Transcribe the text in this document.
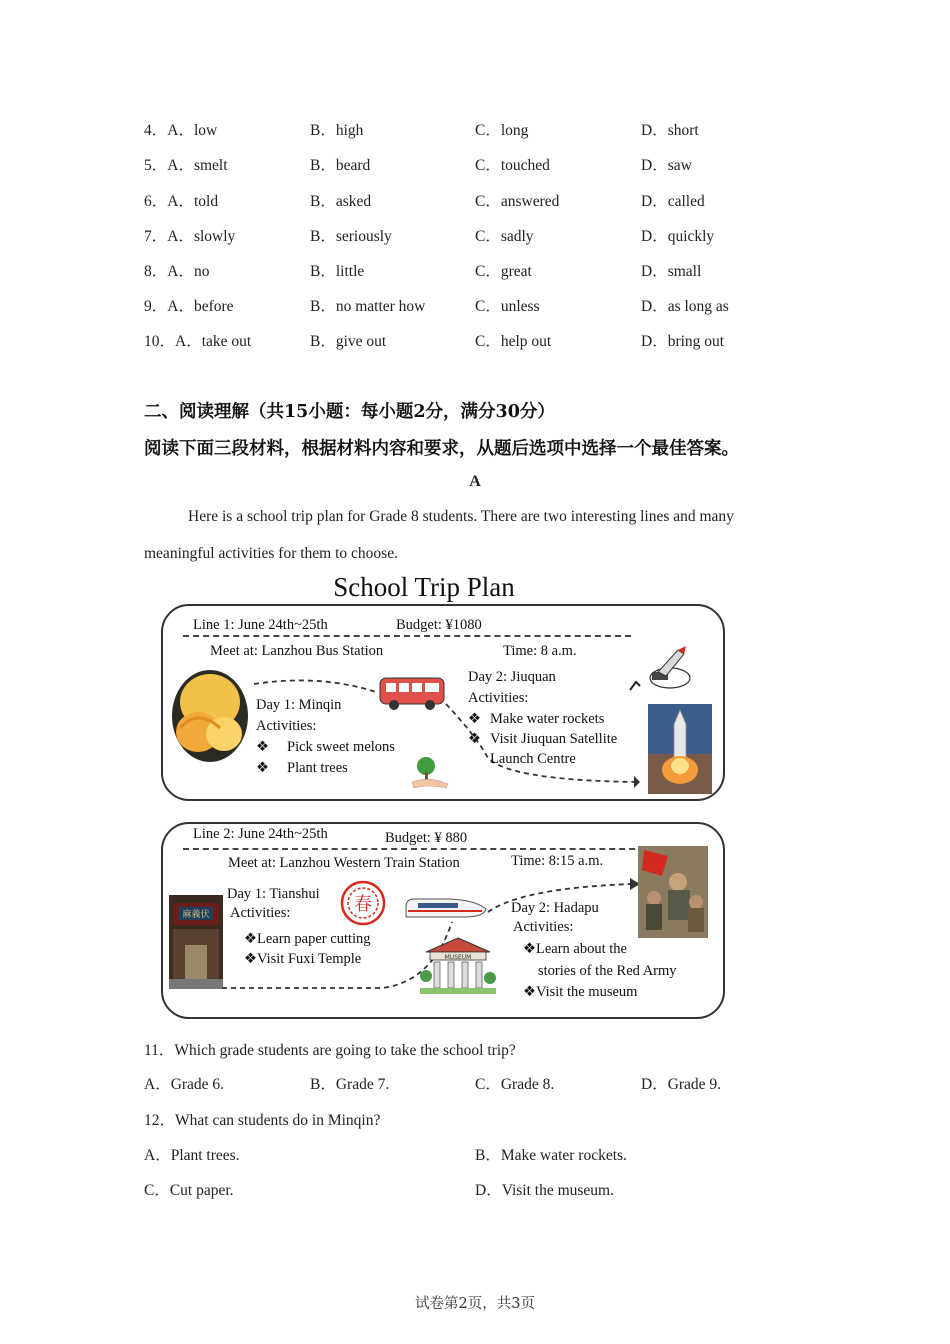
4．A．low	B．high	C．long	D．short
5．A．smelt	B．beard	C．touched	D．saw
6．A．told	B．asked	C．answered	D．called
7．A．slowly	B．seriously	C．sadly	D．quickly
8．A．no	B．little	C．great	D．small
9．A．before	B．no matter how	C．unless	D．as long as
10．A．take out	B．give out	C．help out	D．bring out
二、阅读理解（共15小题：每小题2分，满分30分）
阅读下面三段材料，根据材料内容和要求，从题后选项中选择一个最佳答案。
A
Here is a school trip plan for Grade 8 students. There are two interesting lines and many
meaningful activities for them to choose.
School Trip Plan
Line 1: June 24th~25th	Budget: ¥1080
Meet at: Lanzhou Bus Station	Time: 8 a.m.
Day 1: Minqin
Activities:
❖ Pick sweet melons
❖ Plant trees
Day 2: Jiuquan
Activities:
❖ Make water rockets
❖ Visit Jiuquan Satellite
Launch Centre
Line 2: June 24th~25th	Budget: ¥ 880
Meet at: Lanzhou Western Train Station	Time: 8:15 a.m.
麻義伏
Day 1: Tianshui
Activities:
❖Learn paper cutting
❖Visit Fuxi Temple
春
MUSEUM
Day 2: Hadapu
Activities:
❖Learn about the
stories of the Red Army
❖Visit the museum
11．Which grade students are going to take the school trip?
A．Grade 6.	B．Grade 7.	C．Grade 8.	D．Grade 9.
12．What can students do in Minqin?
A．Plant trees.	B．Make water rockets.
C．Cut paper.	D．Visit the museum.
试卷第2页，共3页
